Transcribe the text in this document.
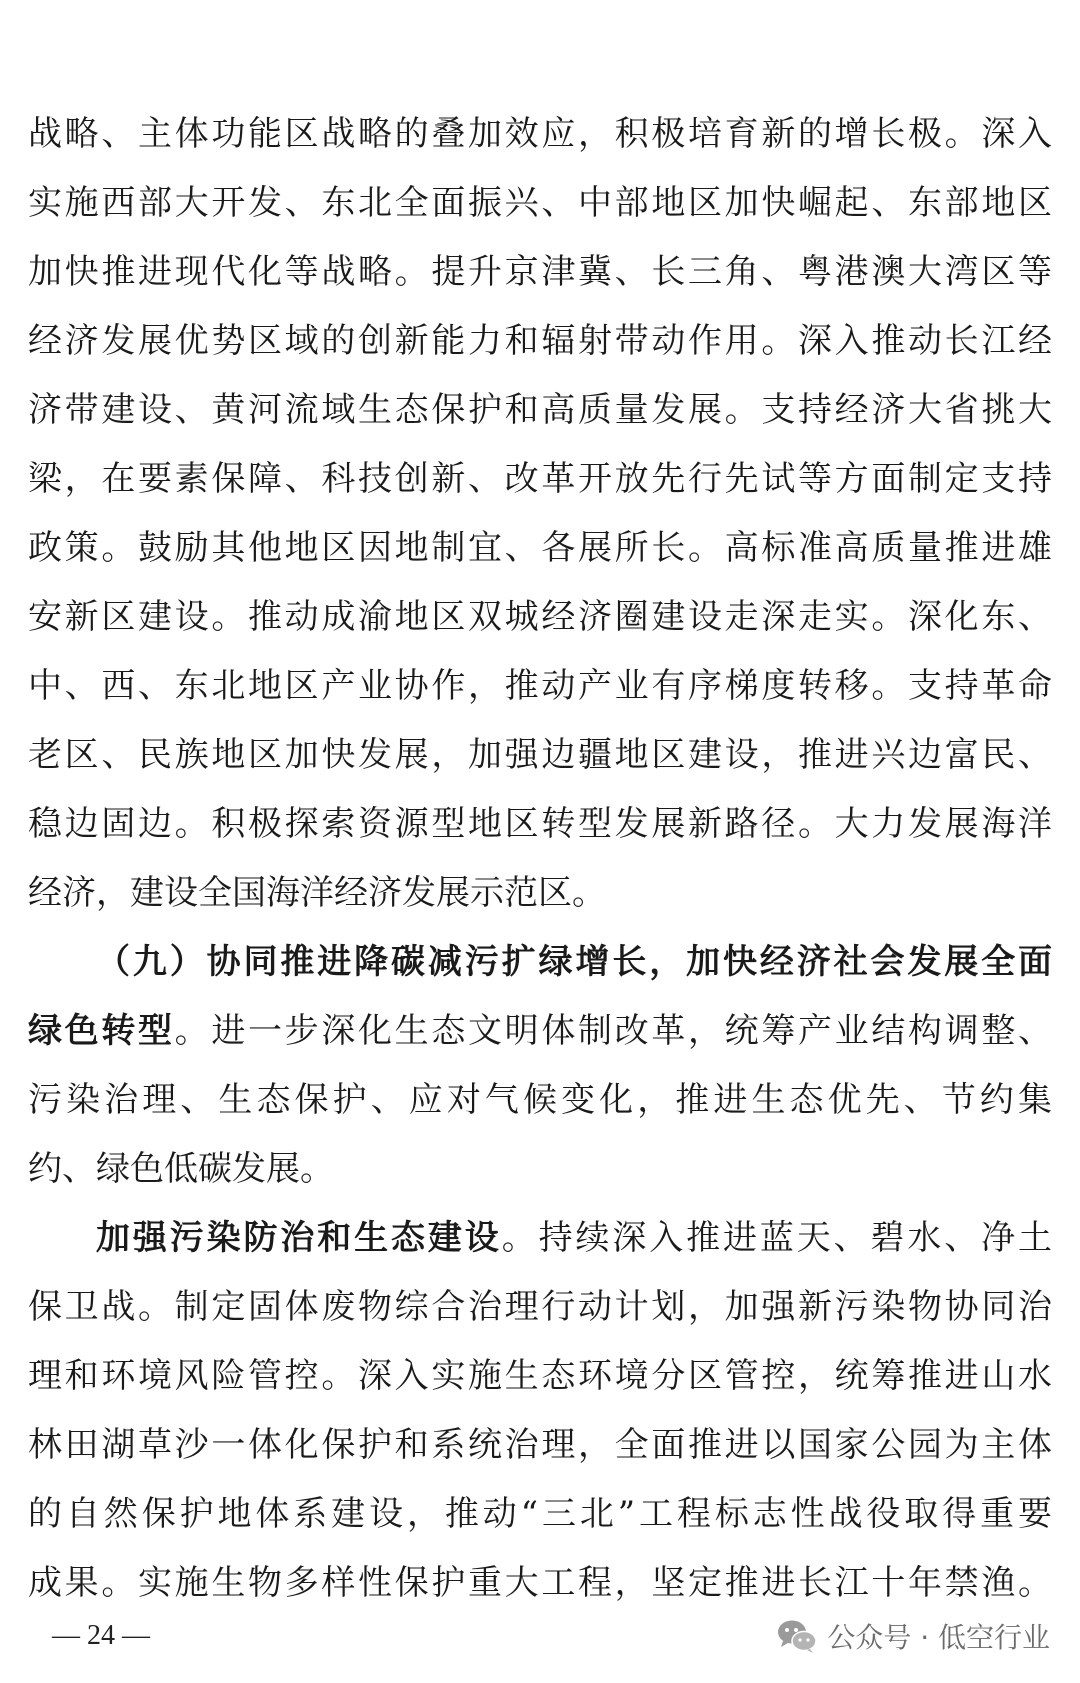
战略、主体功能区战略的叠加效应，积极培育新的增长极。深入
实施西部大开发、东北全面振兴、中部地区加快崛起、东部地区
加快推进现代化等战略。提升京津冀、长三角、粤港澳大湾区等
经济发展优势区域的创新能力和辐射带动作用。深入推动长江经
济带建设、黄河流域生态保护和高质量发展。支持经济大省挑大
梁，在要素保障、科技创新、改革开放先行先试等方面制定支持
政策。鼓励其他地区因地制宜、各展所长。高标准高质量推进雄
安新区建设。推动成渝地区双城经济圈建设走深走实。深化东、
中、西、东北地区产业协作，推动产业有序梯度转移。支持革命
老区、民族地区加快发展，加强边疆地区建设，推进兴边富民、
稳边固边。积极探索资源型地区转型发展新路径。大力发展海洋
经济，建设全国海洋经济发展示范区。
（九）协同推进降碳减污扩绿增长，加快经济社会发展全面
绿色转型。进一步深化生态文明体制改革，统筹产业结构调整、
污染治理、生态保护、应对气候变化，推进生态优先、节约集
约、绿色低碳发展。
加强污染防治和生态建设。持续深入推进蓝天、碧水、净土
保卫战。制定固体废物综合治理行动计划，加强新污染物协同治
理和环境风险管控。深入实施生态环境分区管控，统筹推进山水
林田湖草沙一体化保护和系统治理，全面推进以国家公园为主体
的自然保护地体系建设，推动“三北”工程标志性战役取得重要
成果。实施生物多样性保护重大工程，坚定推进长江十年禁渔。
— 24 —	公众号 · 低空行业
